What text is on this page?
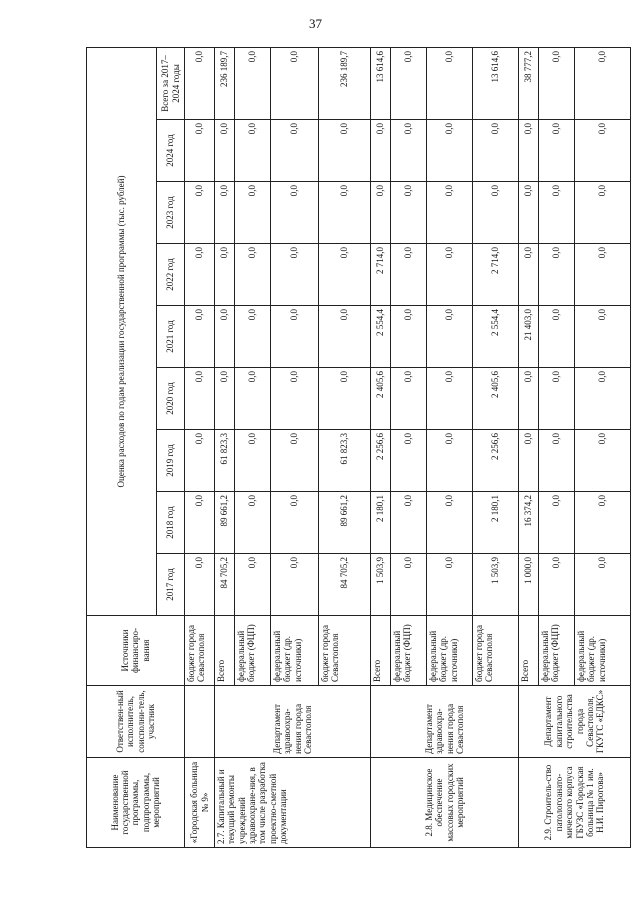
37
Наименование государственной программы, подпрограммы, мероприятий	Ответствен-ный исполнитель, соисполни-тель, участник	Источники финансиро-вания	Оценка расходов по годам реализации государственной программы (тыс. рублей)								
			2017 год	2018 год	2019 год	2020 год	2021 год	2022 год	2023 год	2024 год	Всего за 2017–2024 годы
«Городская больница № 9»		бюджет города Севастополя	0,0	0,0	0,0	0,0	0,0	0,0	0,0	0,0	0,0
2.7. Капитальный и текущий ремонты учреждений здравоохране-ния, в том числе разработка проектно-сметной документации	Департамент здравоохра-нения города Севастополя	Всего	84 705,2	89 661,2	61 823,3	0,0	0,0	0,0	0,0	0,0	236 189,7
		федеральный бюджет (ФЦП)	0,0	0,0	0,0	0,0	0,0	0,0	0,0	0,0	0,0
		федеральный бюджет (др. источники)	0,0	0,0	0,0	0,0	0,0	0,0	0,0	0,0	0,0
		бюджет города Севастополя	84 705,2	89 661,2	61 823,3	0,0	0,0	0,0	0,0	0,0	236 189,7
2.8. Медицинское обеспечение массовых городских мероприятий	Департамент здравоохра-нения города Севастополя	Всего	1 503,9	2 180,1	2 256,6	2 405,6	2 554,4	2 714,0	0,0	0,0	13 614,6
		федеральный бюджет (ФЦП)	0,0	0,0	0,0	0,0	0,0	0,0	0,0	0,0	0,0
		федеральный бюджет (др. источники)	0,0	0,0	0,0	0,0	0,0	0,0	0,0	0,0	0,0
		бюджет города Севастополя	1 503,9	2 180,1	2 256,6	2 405,6	2 554,4	2 714,0	0,0	0,0	13 614,6
2.9. Строитель-ство патологоанато-мического корпуса ГБУЗС «Городская больница № 1 им. Н.И. Пирогова»	Департамент капитального строительства города Севастополя, ГКУГС «ЕДКС»	Всего	1 000,0	16 374,2	0,0	0,0	21 403,0	0,0	0,0	0,0	38 777,2
		федеральный бюджет (ФЦП)	0,0	0,0	0,0	0,0	0,0	0,0	0,0	0,0	0,0
		федеральный бюджет (др. источники)	0,0	0,0	0,0	0,0	0,0	0,0	0,0	0,0	0,0
